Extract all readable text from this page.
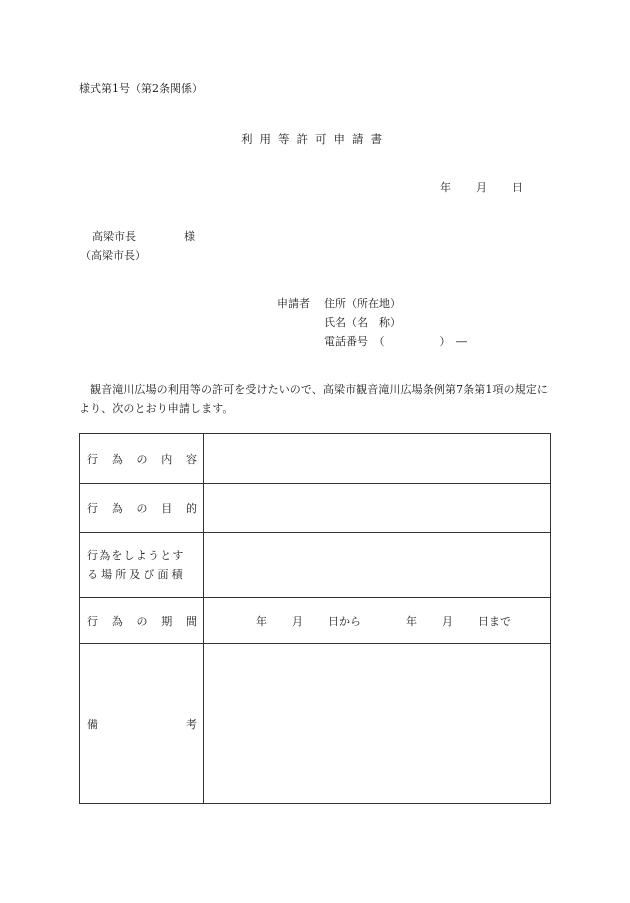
様式第1号（第2条関係）
利用等許可申請書
年 月 日
高梁市長	様
（高梁市長）
申請者 住所（所在地）
氏名（名　称）
電話番号　（　　　　　）　―
観音滝川広場の利用等の許可を受けたいので、高梁市観音滝川広場条例第7条第1項の規定により、次のとおり申請します。
行 為 の 内 容	

行 為 の 目 的	

行為をしようとす
る場所及び面積	

行 為 の 期 間	年 月 日から 年 月 日まで

備 考	
